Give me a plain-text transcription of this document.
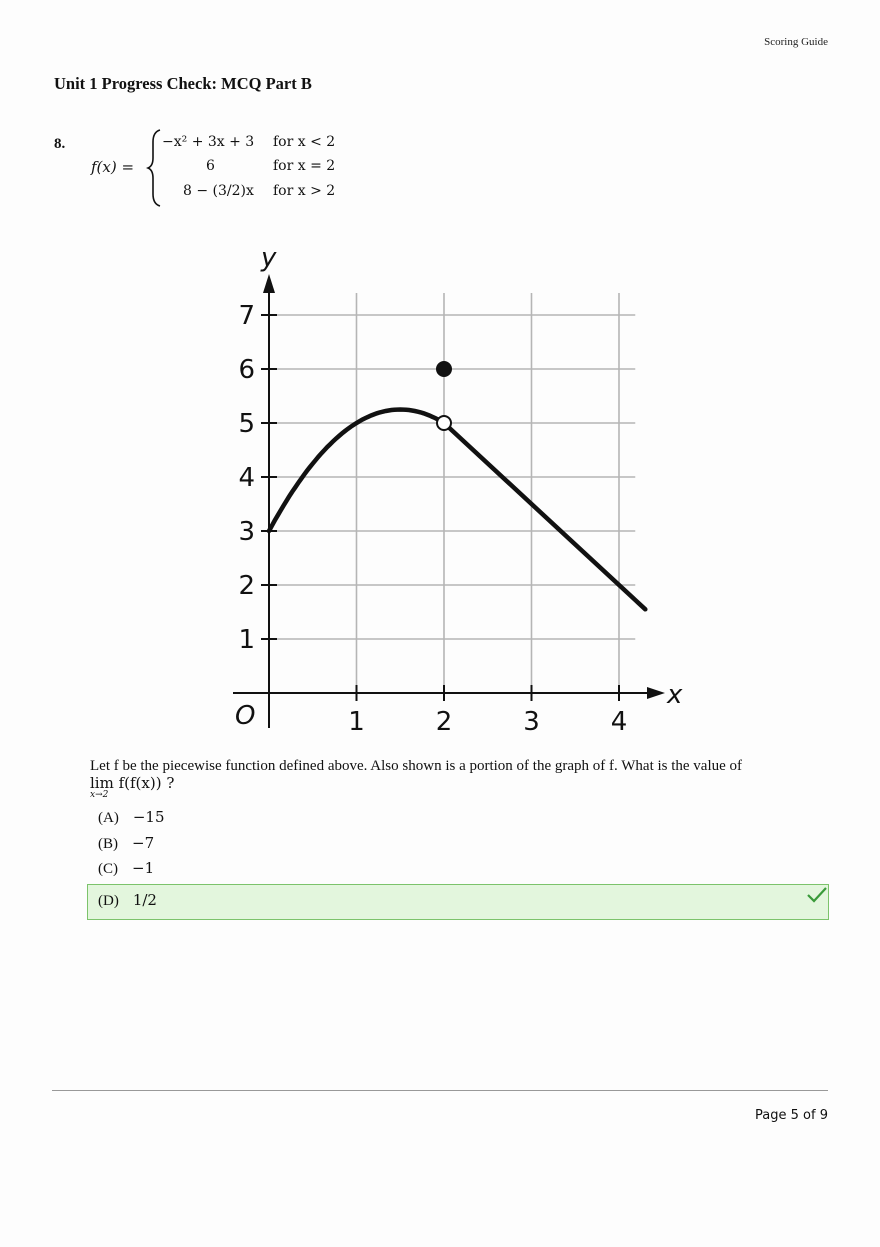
Scoring Guide
Unit 1 Progress Check: MCQ Part B
8.
f(x) =
−x² + 3x + 3 for x < 2
6	for x = 2
8 − (3/2)x for x > 2
1
2
3
4
5
6
7
1	2	3	4
y
x
O
Let f be the piecewise function defined above. Also shown is a portion of the graph of f. What is the value of
lim f(f(x)) ?
x→2
(A) −15
(B) −7
(C) −1
(D) 1/2
Page 5 of 9
